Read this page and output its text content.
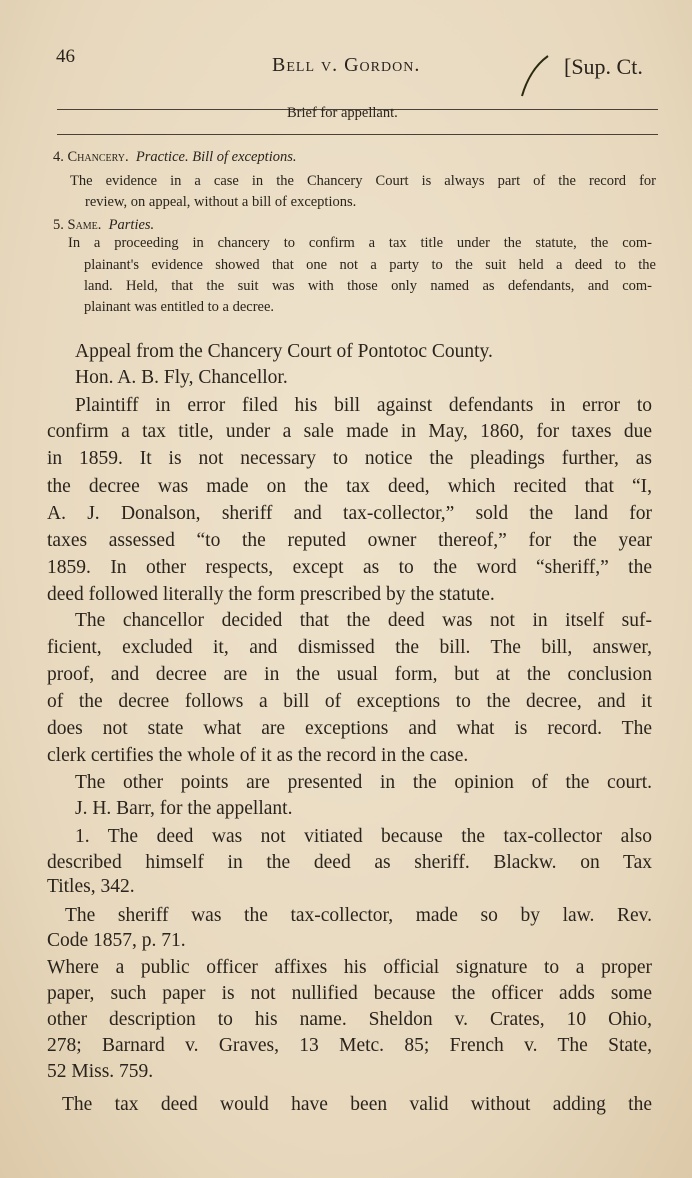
46	Bell v. Gordon.	[Sup. Ct.
Brief for appellant.
4. Chancery. Practice. Bill of exceptions.
The evidence in a case in the Chancery Court is always part of the record for
review, on appeal, without a bill of exceptions.
5. Same. Parties.
In a proceeding in chancery to confirm a tax title under the statute, the com-
plainant's evidence showed that one not a party to the suit held a deed to the
land. Held, that the suit was with those only named as defendants, and com-
plainant was entitled to a decree.
Appeal from the Chancery Court of Pontotoc County.
Hon. A. B. Fly, Chancellor.
Plaintiff in error filed his bill against defendants in error to
confirm a tax title, under a sale made in May, 1860, for taxes due
in 1859. It is not necessary to notice the pleadings further, as
the decree was made on the tax deed, which recited that “I,
A. J. Donalson, sheriff and tax-collector,” sold the land for
taxes assessed “to the reputed owner thereof,” for the year
1859. In other respects, except as to the word “sheriff,” the
deed followed literally the form prescribed by the statute.
The chancellor decided that the deed was not in itself suf-
ficient, excluded it, and dismissed the bill. The bill, answer,
proof, and decree are in the usual form, but at the conclusion
of the decree follows a bill of exceptions to the decree, and it
does not state what are exceptions and what is record. The
clerk certifies the whole of it as the record in the case.
The other points are presented in the opinion of the court.
J. H. Barr, for the appellant.
1. The deed was not vitiated because the tax-collector also
described himself in the deed as sheriff. Blackw. on Tax
Titles, 342.
The sheriff was the tax-collector, made so by law. Rev.
Code 1857, p. 71.
Where a public officer affixes his official signature to a proper
paper, such paper is not nullified because the officer adds some
other description to his name. Sheldon v. Crates, 10 Ohio,
278; Barnard v. Graves, 13 Metc. 85; French v. The State,
52 Miss. 759.
The tax deed would have been valid without adding the
